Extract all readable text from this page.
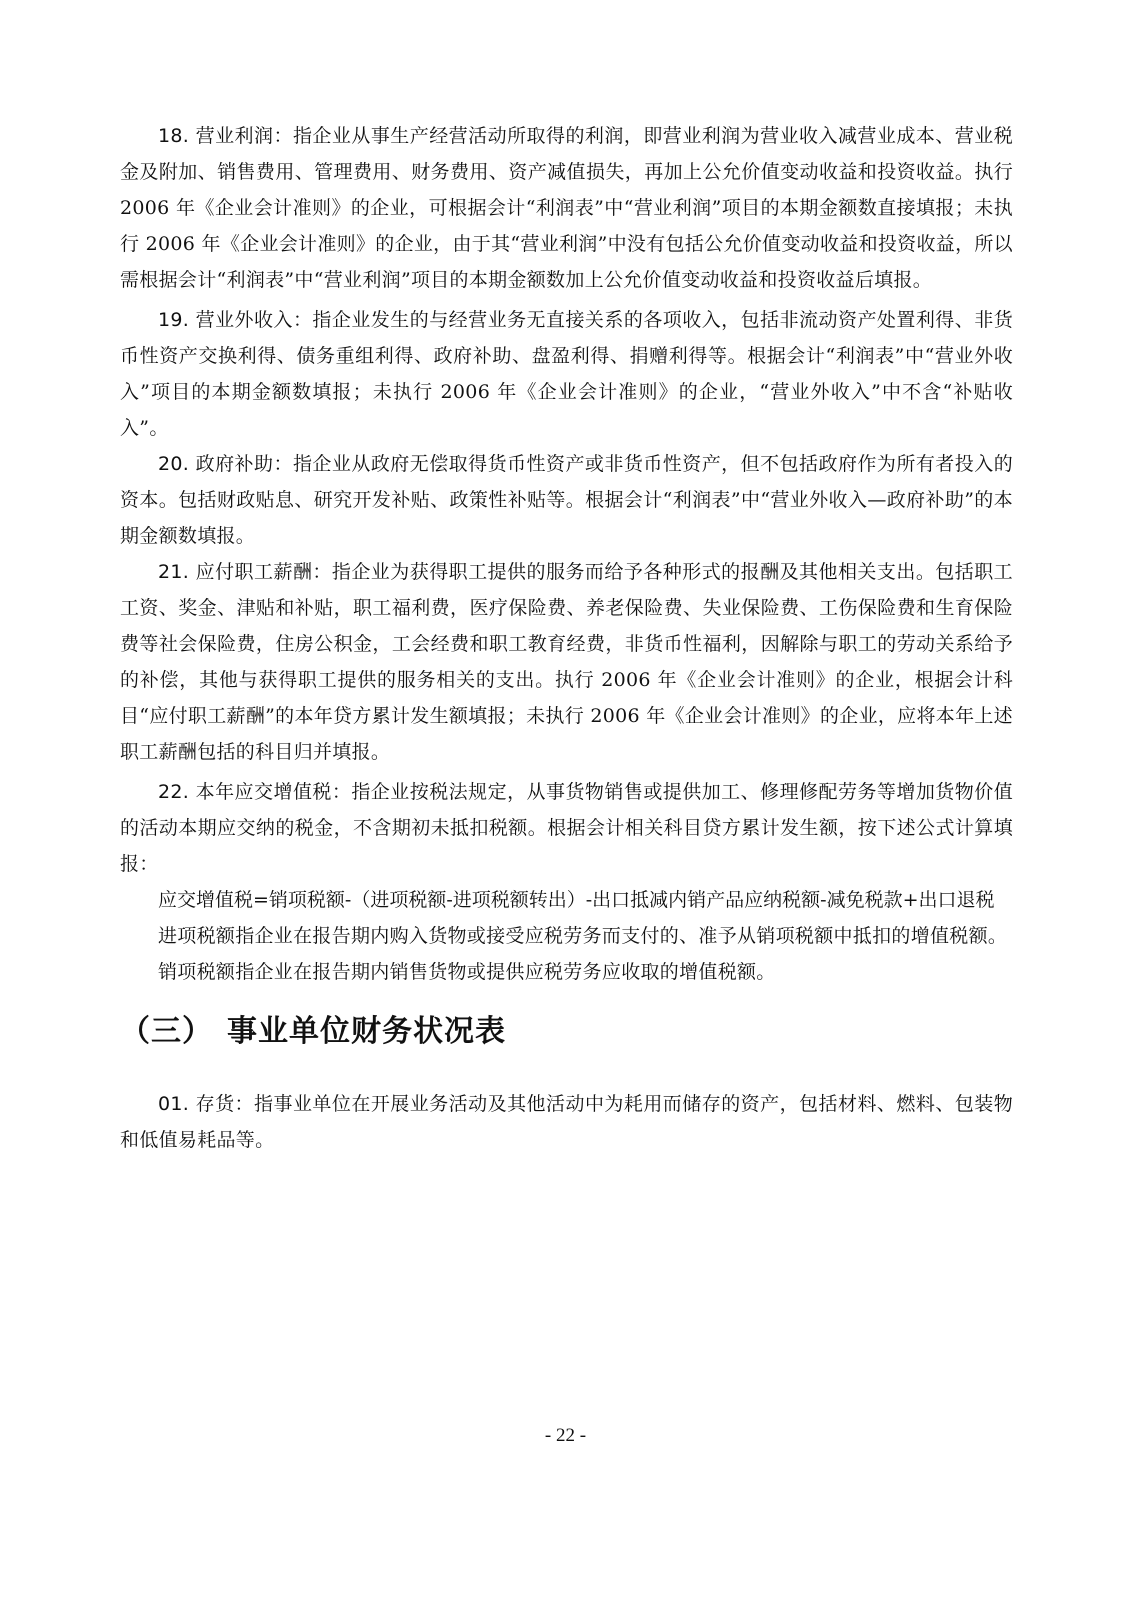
18. 营业利润：指企业从事生产经营活动所取得的利润，即营业利润为营业收入减营业成本、营业税金及附加、销售费用、管理费用、财务费用、资产减值损失，再加上公允价值变动收益和投资收益。执行 2006 年《企业会计准则》的企业，可根据会计“利润表”中“营业利润”项目的本期金额数直接填报；未执行 2006 年《企业会计准则》的企业，由于其“营业利润”中没有包括公允价值变动收益和投资收益，所以需根据会计“利润表”中“营业利润”项目的本期金额数加上公允价值变动收益和投资收益后填报。

19. 营业外收入：指企业发生的与经营业务无直接关系的各项收入，包括非流动资产处置利得、非货币性资产交换利得、债务重组利得、政府补助、盘盈利得、捐赠利得等。根据会计“利润表”中“营业外收入”项目的本期金额数填报；未执行 2006 年《企业会计准则》的企业，“营业外收入”中不含“补贴收入”。

20. 政府补助：指企业从政府无偿取得货币性资产或非货币性资产，但不包括政府作为所有者投入的资本。包括财政贴息、研究开发补贴、政策性补贴等。根据会计“利润表”中“营业外收入—政府补助”的本期金额数填报。

21. 应付职工薪酬：指企业为获得职工提供的服务而给予各种形式的报酬及其他相关支出。包括职工工资、奖金、津贴和补贴，职工福利费，医疗保险费、养老保险费、失业保险费、工伤保险费和生育保险费等社会保险费，住房公积金，工会经费和职工教育经费，非货币性福利，因解除与职工的劳动关系给予的补偿，其他与获得职工提供的服务相关的支出。执行 2006 年《企业会计准则》的企业，根据会计科目“应付职工薪酬”的本年贷方累计发生额填报；未执行 2006 年《企业会计准则》的企业，应将本年上述职工薪酬包括的科目归并填报。

22. 本年应交增值税：指企业按税法规定，从事货物销售或提供加工、修理修配劳务等增加货物价值的活动本期应交纳的税金，不含期初未抵扣税额。根据会计相关科目贷方累计发生额，按下述公式计算填报：

应交增值税=销项税额-（进项税额-进项税额转出）-出口抵减内销产品应纳税额-减免税款+出口退税

进项税额指企业在报告期内购入货物或接受应税劳务而支付的、准予从销项税额中抵扣的增值税额。

销项税额指企业在报告期内销售货物或提供应税劳务应收取的增值税额。

（三） 事业单位财务状况表

01. 存货：指事业单位在开展业务活动及其他活动中为耗用而储存的资产，包括材料、燃料、包装物和低值易耗品等。

- 22 -
